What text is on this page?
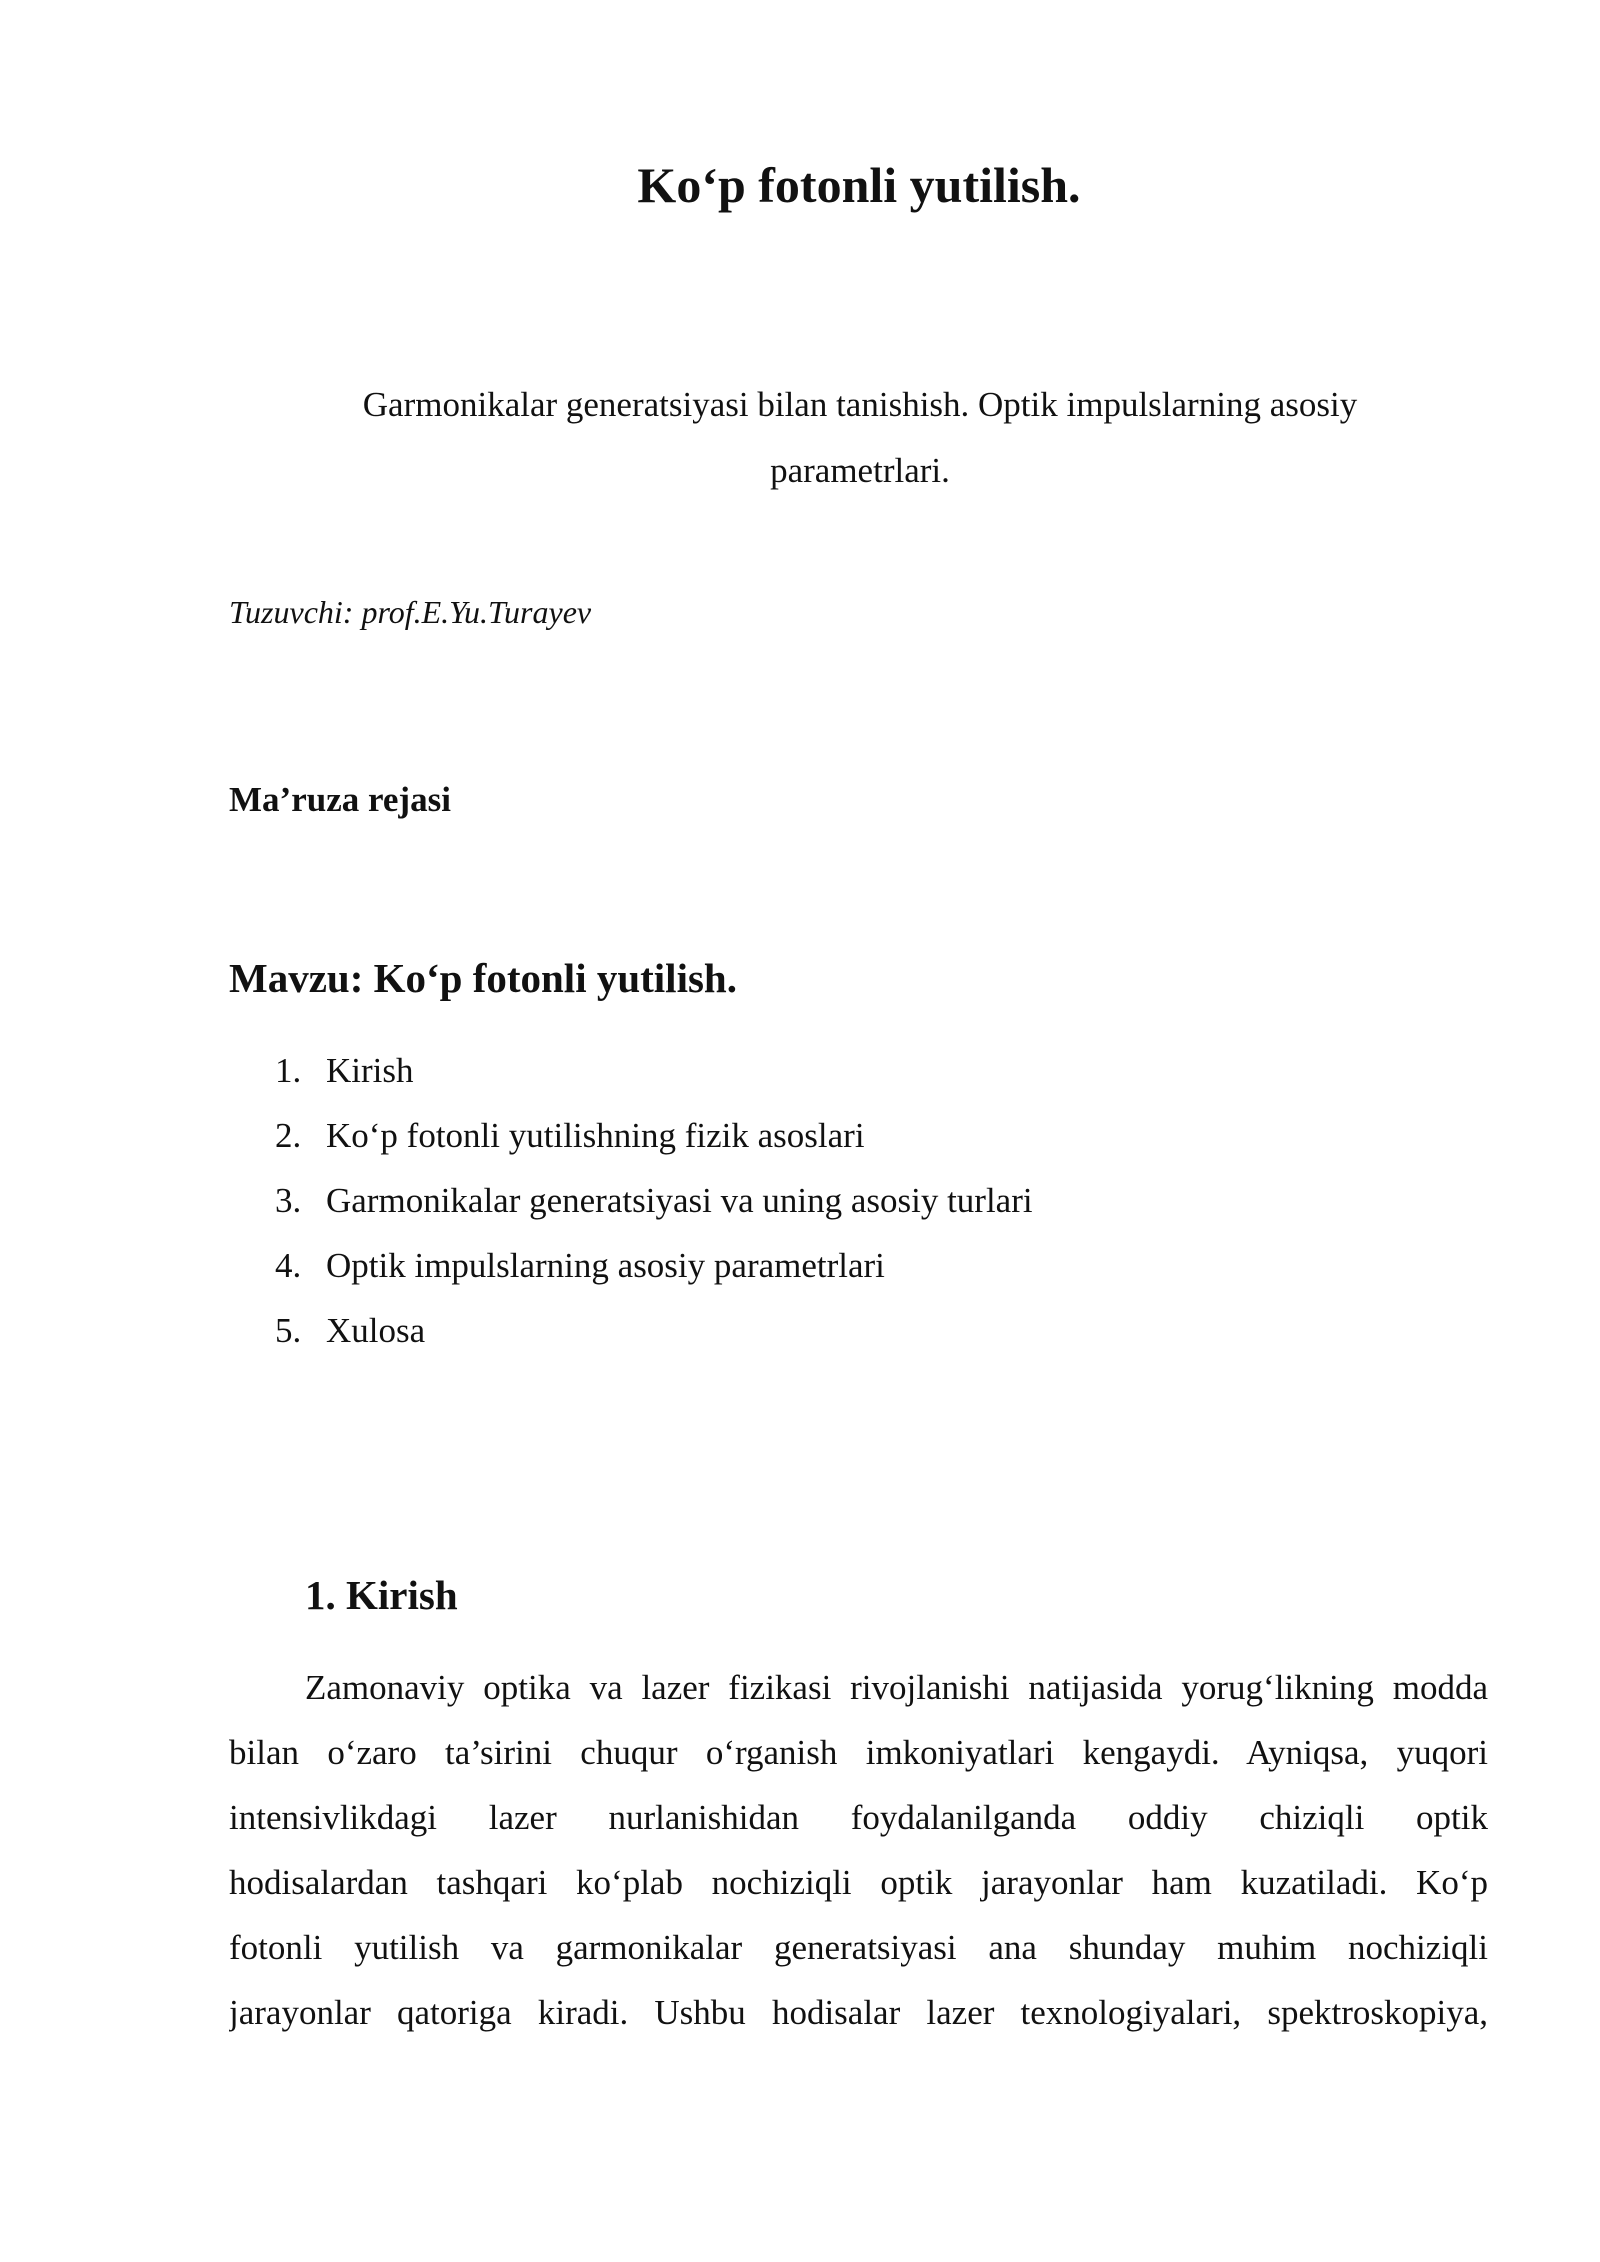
Ko‘p fotonli yutilish.

Garmonikalar generatsiyasi bilan tanishish. Optik impulslarning asosiy
parametrlari.

Tuzuvchi: prof.E.Yu.Turayev

Ma’ruza rejasi

Mavzu: Ko‘p fotonli yutilish.
1. Kirish
2. Ko‘p fotonli yutilishning fizik asoslari
3. Garmonikalar generatsiyasi va uning asosiy turlari
4. Optik impulslarning asosiy parametrlari
5. Xulosa
1. Kirish
Zamonaviy optika va lazer fizikasi rivojlanishi natijasida yorug‘likning modda
bilan o‘zaro ta’sirini chuqur o‘rganish imkoniyatlari kengaydi. Ayniqsa, yuqori
intensivlikdagi lazer nurlanishidan foydalanilganda oddiy chiziqli optik
hodisalardan tashqari ko‘plab nochiziqli optik jarayonlar ham kuzatiladi. Ko‘p
fotonli yutilish va garmonikalar generatsiyasi ana shunday muhim nochiziqli
jarayonlar qatoriga kiradi. Ushbu hodisalar lazer texnologiyalari, spektroskopiya,
